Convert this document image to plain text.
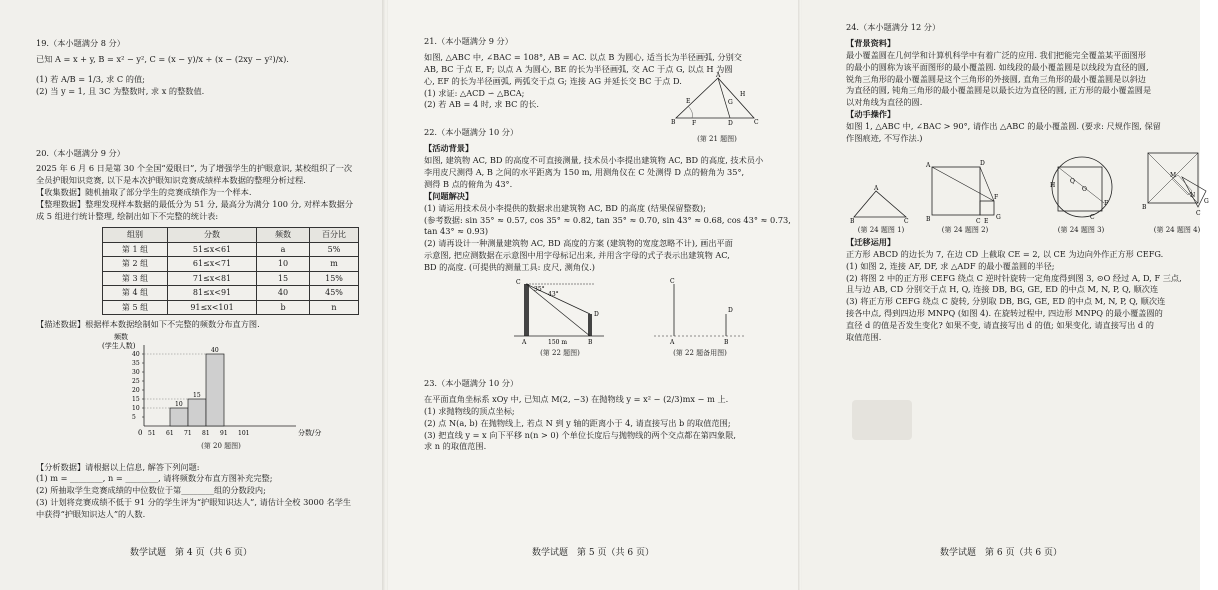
19.（本小题满分 8 分）

已知 A = x + y, B = x² − y², C = (x − y)/x ÷ (x − (2xy − y²)/x).

(1) 若 A/B = 1/3, 求 C 的值;

(2) 当 y = 1, 且 3C 为整数时, 求 x 的整数值.

20.（本小题满分 9 分）

2025 年 6 月 6 日是第 30 个全国“爱眼日”, 为了增强学生的护眼意识, 某校组织了一次

全员护眼知识竞赛, 以下是本次护眼知识竞赛成绩样本数据的整理分析过程.

【收集数据】随机抽取了部分学生的竞赛成绩作为一个样本.

【整理数据】整理发现样本数据的最低分为 51 分, 最高分为满分 100 分, 对样本数据分

成 5 组进行统计整理, 绘制出如下不完整的统计表:

组别	分数	频数	百分比
第 1 组	51≤x<61	a	5%
第 2 组	61≤x<71	10	m
第 3 组	71≤x<81	15	15%
第 4 组	81≤x<91	40	45%
第 5 组	91≤x<101	b	n

【描述数据】根据样本数据绘制如下不完整的频数分布直方图.

频数
(学生人数)
40
35
30
25
20
15
10
5
51 61 71 81 91 101
10
15
40
0	分数/分
(第 20 题图)

【分析数据】请根据以上信息, 解答下列问题:

(1) m = ________, n = ________, 请将频数分布直方图补充完整;

(2) 所抽取学生竞赛成绩的中位数位于第________组的分数段内;

(3) 计划将竞赛成绩不低于 91 分的学生评为“护眼知识达人”, 请估计全校 3000 名学生

中获得“护眼知识达人”的人数.

数学试题　第 4 页（共 6 页）

21.（本小题满分 9 分）

如图, △ABC 中, ∠BAC = 108°, AB = AC. 以点 B 为圆心, 适当长为半径画弧, 分别交

AB, BC 于点 E, F; 以点 A 为圆心, BE 的长为半径画弧, 交 AC 于点 G, 以点 H 为圆

心, EF 的长为半径画弧, 两弧交于点 G; 连接 AG 并延长交 BC 于点 D.

(1) 求证: △ACD ∽ △BCA;

(2) 若 AB = 4 时, 求 BC 的长.

A
B	C
D
E
F
G
H
(第 21 题图)

22.（本小题满分 10 分）

【活动背景】

如图, 建筑物 AC, BD 的高度不可直接测量, 技术员小李提出建筑物 AC, BD 的高度, 技术员小

李用皮尺测得 A, B 之间的水平距离为 150 m, 用测角仪在 C 处测得 D 点的俯角为 35°,

测得 B 点的俯角为 43°.

【问题解决】

(1) 请运用技术员小李提供的数据求出建筑物 AC, BD 的高度 (结果保留整数);

(参考数据: sin 35° ≈ 0.57, cos 35° ≈ 0.82, tan 35° ≈ 0.70, sin 43° ≈ 0.68, cos 43° ≈ 0.73,

tan 43° ≈ 0.93)

(2) 请再设计一种测量建筑物 AC, BD 高度的方案 (建筑物的宽度忽略不计), 画出平面

示意图, 把应测数据在示意图中用字母标记出来, 并用含字母的式子表示出建筑物 AC,

BD 的高度. (可提供的测量工具: 皮尺, 测角仪.)

C
A	B
D
35°
43°
150 m
C
A	B
D
(第 22 题图)	(第 22 题备用图)

23.（本小题满分 10 分）

在平面直角坐标系 xOy 中, 已知点 M(2, −3) 在抛物线 y = x² − (2/3)mx − m 上.

(1) 求抛物线的顶点坐标;

(2) 点 N(a, b) 在抛物线上, 若点 N 到 y 轴的距离小于 4, 请直接写出 b 的取值范围;

(3) 把直线 y = x 向下平移 n(n > 0) 个单位长度后与抛物线的两个交点都在第四象限,

求 n 的取值范围.

数学试题　第 5 页（共 6 页）

24.（本小题满分 12 分）

【背景资料】

最小覆盖圆在几何学和计算机科学中有着广泛的应用. 我们把能完全覆盖某平面图形

的最小的圆称为该平面图形的最小覆盖圆. 如线段的最小覆盖圆是以线段为直径的圆,

锐角三角形的最小覆盖圆是这个三角形的外接圆, 直角三角形的最小覆盖圆是以斜边

为直径的圆, 钝角三角形的最小覆盖圆是以最长边为直径的圆, 正方形的最小覆盖圆是

以对角线为直径的圆.

【动手操作】

如图 1, △ABC 中, ∠BAC > 90°, 请作出 △ABC 的最小覆盖圆. (要求: 尺规作图, 保留

作图痕迹, 不写作法.)

A
B	C
A	D
F
B	C E
G
Q
O
H
F
C
M
N
G
B
C
(第 24 题图 1)	(第 24 题图 2)	(第 24 题图 3)	(第 24 题图 4)

【迁移运用】

正方形 ABCD 的边长为 7, 在边 CD 上截取 CE = 2, 以 CE 为边向外作正方形 CEFG.

(1) 如图 2, 连接 AF, DF, 求 △ADF 的最小覆盖圆的半径;

(2) 将图 2 中的正方形 CEFG 绕点 C 逆时针旋转一定角度得到图 3, ⊙O 经过 A, D, F 三点,

且与边 AB, CD 分别交于点 H, Q, 连接 DB, BG, GE, ED 的中点 M, N, P, Q, 顺次连

(3) 将正方形 CEFG 绕点 C 旋转, 分别取 DB, BG, GE, ED 的中点 M, N, P, Q, 顺次连

接各中点, 得到四边形 MNPQ (如图 4). 在旋转过程中, 四边形 MNPQ 的最小覆盖圆的

直径 d 的值是否发生变化? 如果不变, 请直接写出 d 的值; 如果变化, 请直接写出 d 的

取值范围.

数学试题　第 6 页（共 6 页）
